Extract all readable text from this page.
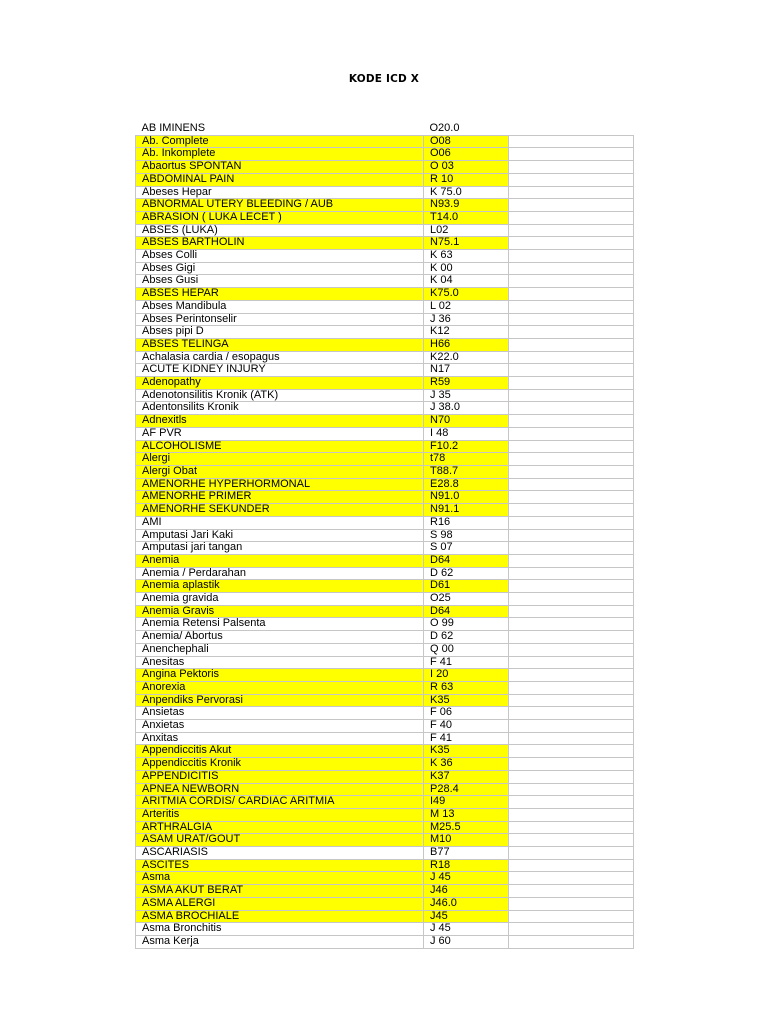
KODE ICD X
AB IMINENS	O20.0	
Ab. Complete	O08	
Ab. Inkomplete	O06	
Abaortus SPONTAN	O 03	
ABDOMINAL PAIN	R 10	
Abeses Hepar	K 75.0	
ABNORMAL UTERY BLEEDING / AUB	N93.9	
ABRASION ( LUKA LECET )	T14.0	
ABSES (LUKA)	L02	
ABSES BARTHOLIN	N75.1	
Abses Colli	K 63	
Abses Gigi	K 00	
Abses Gusi	K 04	
ABSES HEPAR	K75.0	
Abses Mandibula	L 02	
Abses Perintonselir	J 36	
Abses pipi D	K12	
ABSES TELINGA	H66	
Achalasia cardia / esopagus	K22.0	
ACUTE KIDNEY INJURY	N17	
Adenopathy	R59	
Adenotonsilitis Kronik (ATK)	J 35	
Adentonsilits Kronik	J 38.0	
Adnexitls	N70	
AF PVR	I 48	
ALCOHOLISME	F10.2	
Alergi	t78	
Alergi Obat	T88.7	
AMENORHE HYPERHORMONAL	E28.8	
AMENORHE PRIMER	N91.0	
AMENORHE SEKUNDER	N91.1	
AMI	R16	
Amputasi Jari Kaki	S 98	
Amputasi jari tangan	S 07	
Anemia	D64	
Anemia / Perdarahan	D 62	
Anemia aplastik	D61	
Anemia gravida	O25	
Anemia Gravis	D64	
Anemia Retensi Palsenta	O 99	
Anemia/ Abortus	D 62	
Anenchephali	Q 00	
Anesitas	F 41	
Angina Pektoris	I 20	
Anorexia	R 63	
Anpendiks Pervorasi	K35	
Ansietas	F 06	
Anxietas	F 40	
Anxitas	F 41	
Appendiccitis Akut	K35	
Appendiccitis Kronik	K 36	
APPENDICITIS	K37	
APNEA NEWBORN	P28.4	
ARITMIA CORDIS/ CARDIAC ARITMIA	I49	
Arteritis	M 13	
ARTHRALGIA	M25.5	
ASAM URAT/GOUT	M10	
ASCARIASIS	B77	
ASCITES	R18	
Asma	J 45	
ASMA AKUT BERAT	J46	
ASMA ALERGI	J46.0	
ASMA BROCHIALE	J45	
Asma Bronchitis	J 45	
Asma Kerja	J 60	
